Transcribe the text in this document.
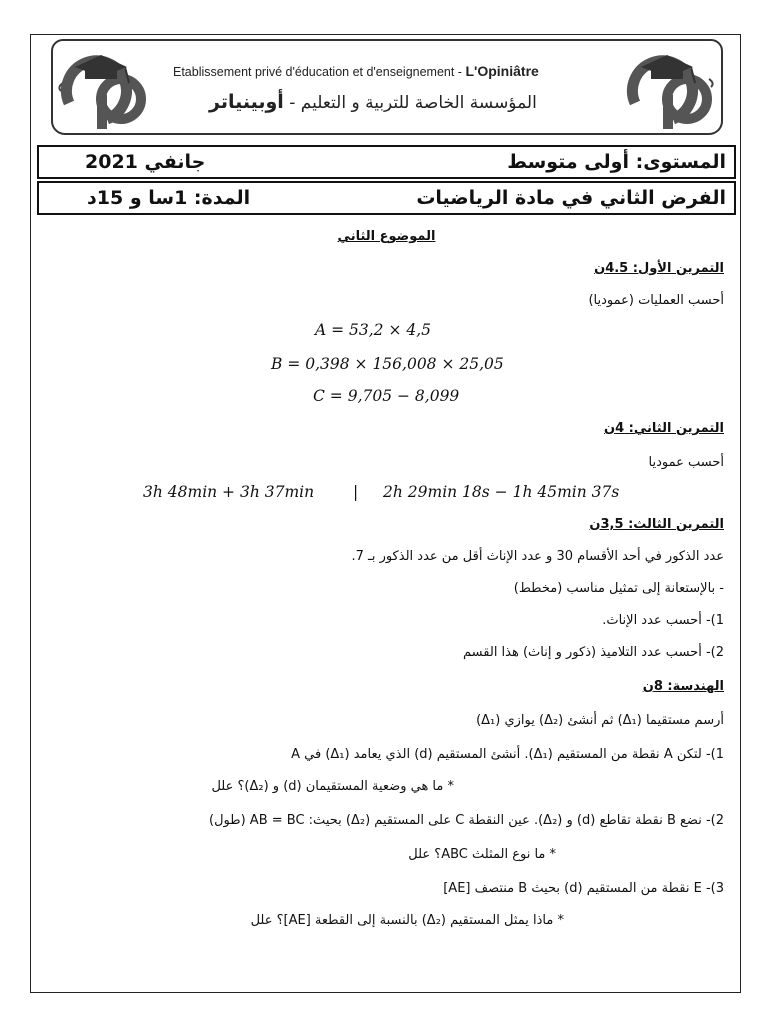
Etablissement privé d'éducation et d'enseignement - L'Opiniâtre
المؤسسة الخاصة للتربية و التعليم - أوبينياتر
المستوى: أولى متوسط
جانفي 2021
الفرض الثاني في مادة الرياضيات
المدة: 1سا و 15د
الموضوع الثاني
التمرين الأول: 4.5ن
أحسب العمليات (عموديا)
A = 53,2 × 4,5
B = 0,398 × 156,008 × 25,05
C = 9,705 − 8,099
التمرين الثاني: 4ن
أحسب عموديا
3h 48min + 3h 37min	| 2h 29min 18s − 1h 45min 37s
التمرين الثالث: 3,5ن
عدد الذكور في أحد الأقسام 30 و عدد الإناث أقل من عدد الذكور بـ 7.
- بالإستعانة إلى تمثيل مناسب (مخطط)
1)- أحسب عدد الإناث.
2)- أحسب عدد التلاميذ (ذكور و إناث) هذا القسم
الهندسة: 8ن
أرسم مستقيما (Δ₁) ثم أنشئ (Δ₂) يوازي (Δ₁)
1)- لتكن A نقطة من المستقيم (Δ₁). أنشئ المستقيم (d) الذي يعامد (Δ₁) في A
* ما هي وضعية المستقيمان (d) و (Δ₂)؟ علل
2)- نضع B نقطة تقاطع (d) و (Δ₂). عين النقطة C على المستقيم (Δ₂) بحيث: AB = BC (طول)
* ما نوع المثلث ABC؟ علل
3)- E نقطة من المستقيم (d) بحيث B منتصف [AE]
* ماذا يمثل المستقيم (Δ₂) بالنسبة إلى القطعة [AE]؟ علل
